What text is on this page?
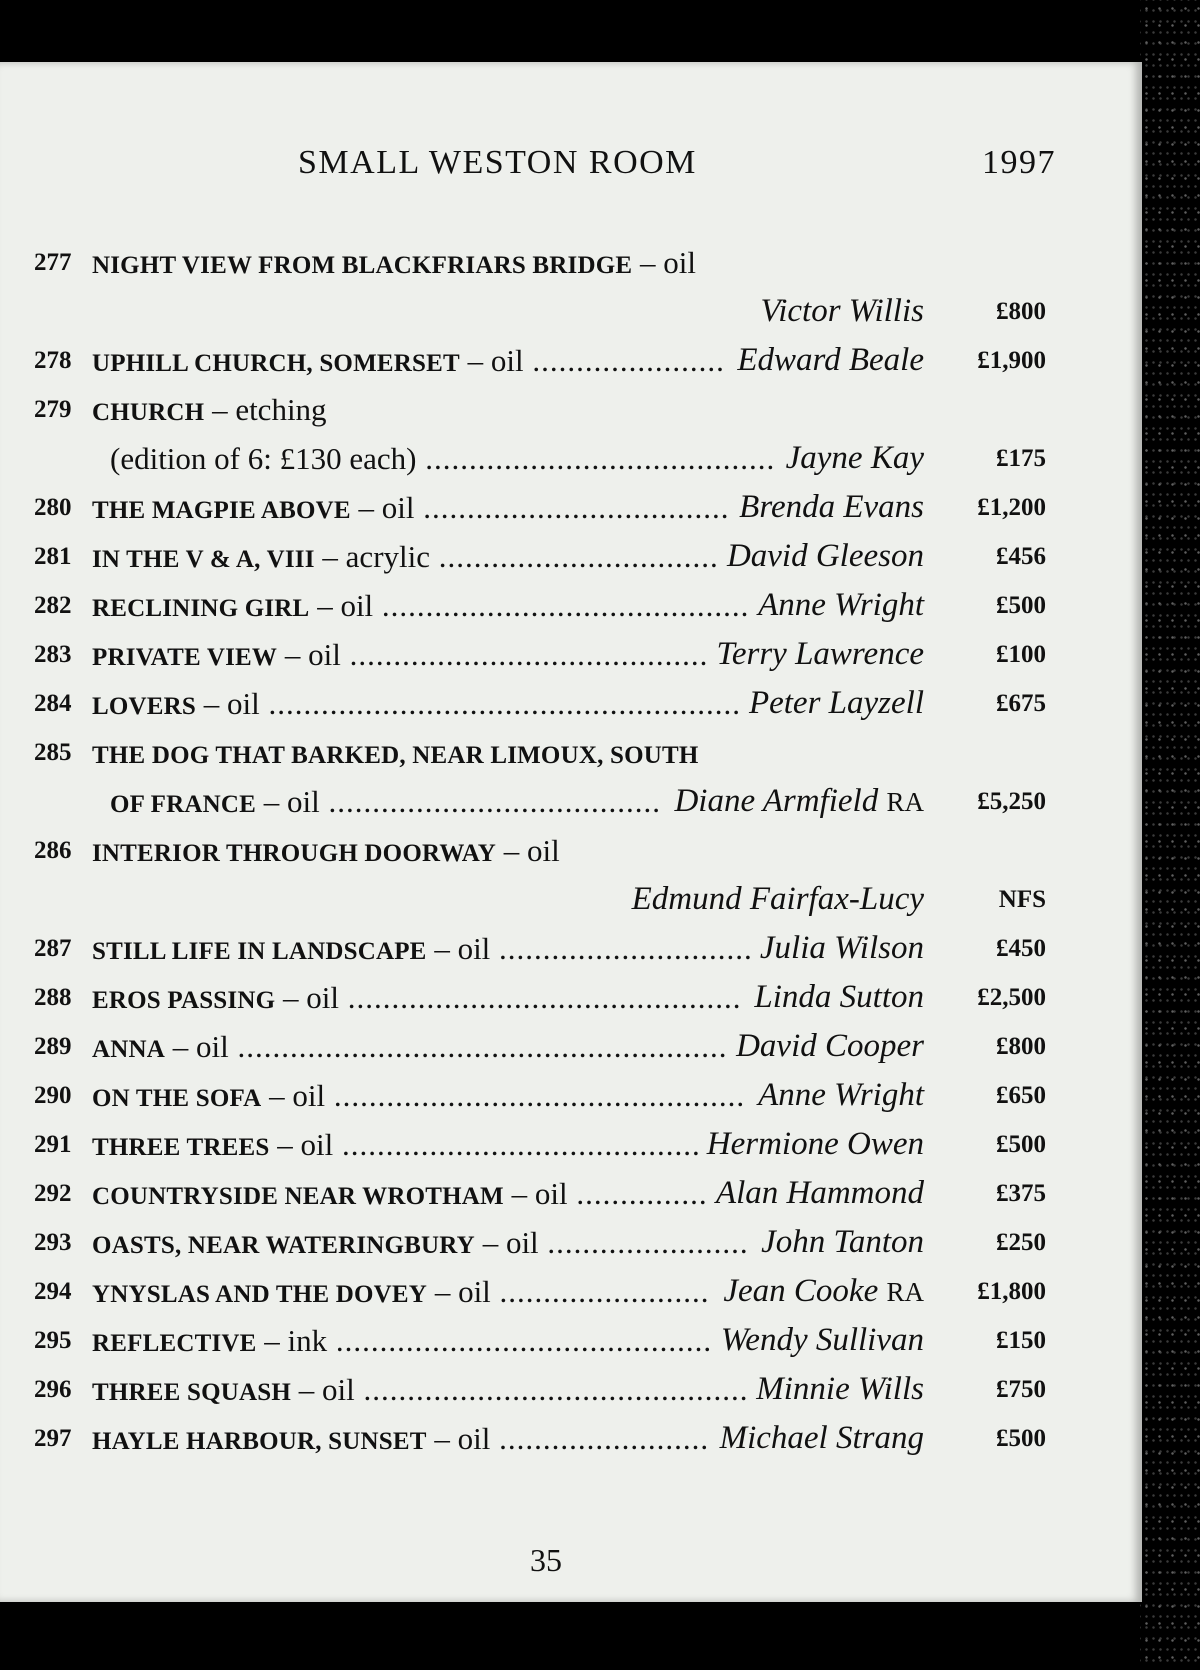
SMALL WESTON ROOM	1997
277 NIGHT VIEW FROM BLACKFRIARS BRIDGE – oil
Victor Willis	£800
278 UPHILL CHURCH, SOMERSET – oil ...................... Edward Beale £1,900
279 CHURCH – etching
(edition of 6: £130 each) ........................................ Jayne Kay	£175
280 THE MAGPIE ABOVE – oil ................................... Brenda Evans £1,200
281 IN THE V & A, VIII – acrylic ................................ David Gleeson	£456
282 RECLINING GIRL – oil .......................................... Anne Wright	£500
283 PRIVATE VIEW – oil ......................................... Terry Lawrence	£100
284 LOVERS – oil ...................................................... Peter Layzell	£675
285 THE DOG THAT BARKED, NEAR LIMOUX, SOUTH
OF FRANCE – oil ...................................... Diane Armfield RA £5,250
286 INTERIOR THROUGH DOORWAY – oil
Edmund Fairfax-Lucy	NFS
287 STILL LIFE IN LANDSCAPE – oil ............................. Julia Wilson	£450
288 EROS PASSING – oil ............................................. Linda Sutton £2,500
289 ANNA – oil ........................................................ David Cooper	£800
290 ON THE SOFA – oil ............................................... Anne Wright	£650
291 THREE TREES – oil ......................................... Hermione Owen	£500
292 COUNTRYSIDE NEAR WROTHAM – oil ............... Alan Hammond	£375
293 OASTS, NEAR WATERINGBURY – oil ....................... John Tanton	£250
294 YNYSLAS AND THE DOVEY – oil ........................ Jean Cooke RA £1,800
295 REFLECTIVE – ink ........................................... Wendy Sullivan	£150
296 THREE SQUASH – oil ............................................ Minnie Wills	£750
297 HAYLE HARBOUR, SUNSET – oil ........................ Michael Strang	£500
35
